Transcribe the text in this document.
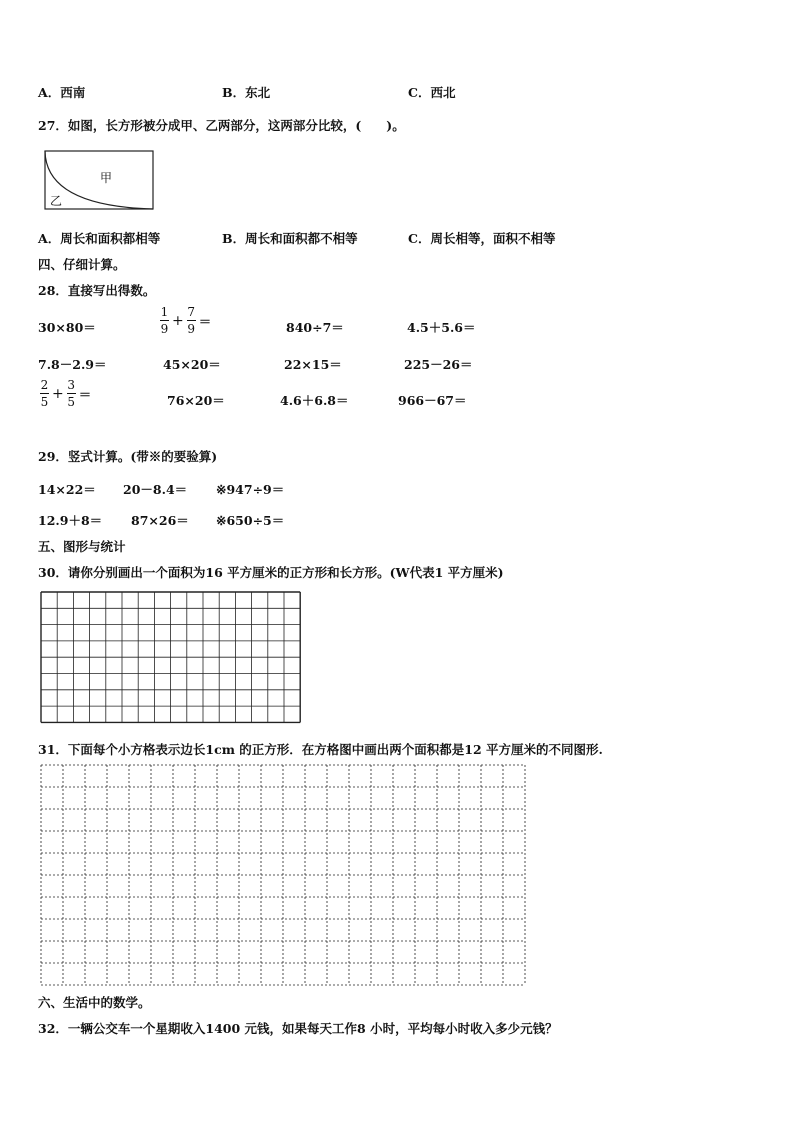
A．西南	B．东北	C．西北
27．如图，长方形被分成甲、乙两部分，这两部分比较，(　　)。
甲
乙
A．周长和面积都相等	B．周长和面积都不相等	C．周长相等，面积不相等
四、仔细计算。
28．直接写出得数。
30×80＝	$\frac{1}{9} + \frac{7}{9}$ ＝	840÷7＝	4.5＋5.6＝
7.8－2.9＝	45×20＝	22×15＝	225－26＝
$\frac{2}{5} + \frac{3}{5}$ ＝	76×20＝	4.6＋6.8＝	966－67＝
29．竖式计算。(带※的要验算)
14×22＝ 20－8.4＝ ※947÷9＝
12.9＋8＝ 87×26＝ ※650÷5＝
五、图形与统计
30．请你分别画出一个面积为16 平方厘米的正方形和长方形。(W代表1 平方厘米)
31．下面每个小方格表示边长1cm 的正方形．在方格图中画出两个面积都是12 平方厘米的不同图形.
六、生活中的数学。
32．一辆公交车一个星期收入1400 元钱，如果每天工作8 小时，平均每小时收入多少元钱？
